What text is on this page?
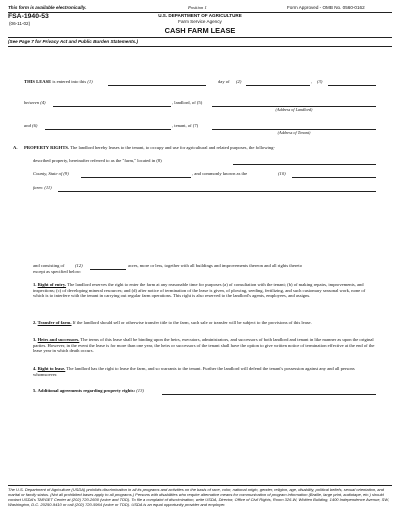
This form is available electronically.	Position 1	Form Approved - OMB No. 0560-0162
FSA-1940-53
(06-11-02)
U.S. DEPARTMENT OF AGRICULTURE
Farm Service Agency
CASH FARM LEASE
(See Page 7 for Privacy Act and Public Burden Statements.)
THIS LEASE is entered into this (1)	day of (2)	, (3)
between (4)	, landlord, of (5)
(Address of Landlord)
and (6)	, tenant, of (7)
(Address of Tenant)
A. PROPERTY RIGHTS. The landlord hereby leases to the tenant, to occupy and use for agricultural and related purposes, the following-
described property, hereinafter referred to as the "farm," located in (8)
County, State of (9)	, and commonly known as the	(10)
farm: (11)
and consisting of (12)	acres, more or less, together with all buildings and improvements thereon and all rights thereto
except as specified below:
1. Right of entry. The landlord reserves the right to enter the farm at any reasonable time for purposes (a) of consultation with the tenant; (b) of making repairs, improvements, and inspections; (c) of developing mineral resources; and (d) after notice of termination of the lease is given, of plowing, seeding, fertilizing, and such customary seasonal work, none of which is to interfere with the tenant in carrying out regular farm operations. This right is also reserved to the landlord's agents, employees, and assigns.
2. Transfer of farm. If the landlord should sell or otherwise transfer title to the farm, such sale or transfer will be subject to the provisions of this lease.
3. Heirs and successors. The terms of this lease shall be binding upon the heirs, executors, administrators, and successors of both landlord and tenant in like manner as upon the original parties. However, in the event the lease is for more than one year, the heirs or successors of the tenant shall have the option to give written notice of termination effective at the end of the lease year in which death occurs.
4. Right to lease. The landlord has the right to lease the farm, and so warrants to the tenant. Further the landlord will defend the tenant's possession against any and all persons whomsoever.
5. Additional agreements regarding property rights: (13)
The U.S. Department of Agriculture (USDA) prohibits discrimination in all its programs and activities on the basis of race, color, national origin, gender, religion, age, disability, political beliefs, sexual orientation, and marital or family status. (Not all prohibited bases apply to all programs.) Persons with disabilities who require alternative means for communication of program information (Braille, large print, audiotape, etc.) should contact USDA's TARGET Center at (202) 720-2600 (voice and TDD). To file a complaint of discrimination, write USDA, Director, Office of Civil Rights, Room 326-W, Whitten Building, 1400 Independence Avenue, SW, Washington, D.C. 20250-9410 or call (202) 720-5964 (voice or TDD). USDA is an equal opportunity provider and employer.
